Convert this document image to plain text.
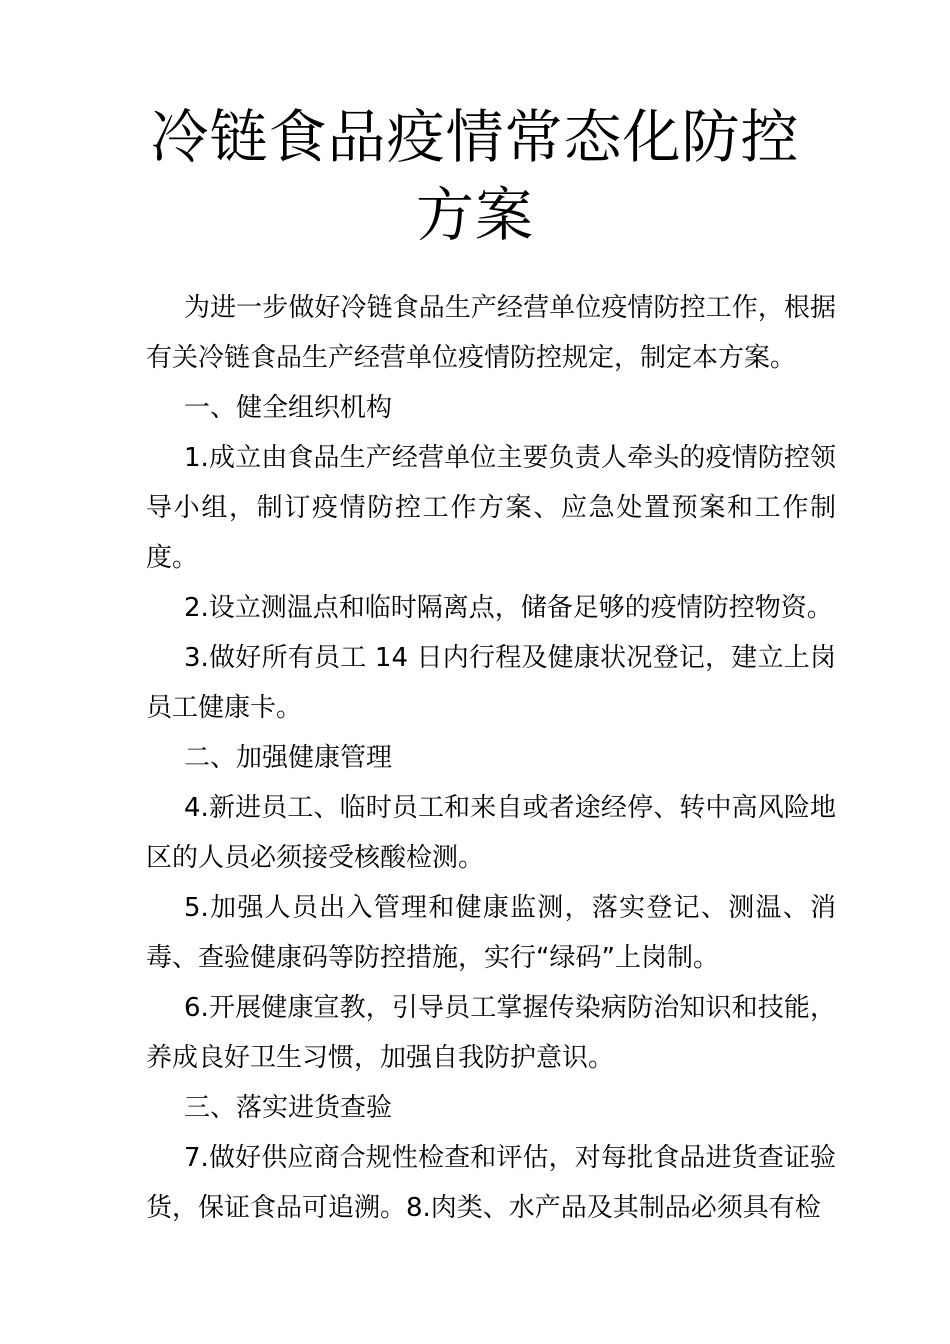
冷链食品疫情常态化防控
方案

为进一步做好冷链食品生产经营单位疫情防控工作，根据有关冷链食品生产经营单位疫情防控规定，制定本方案。

一、健全组织机构

1.成立由食品生产经营单位主要负责人牵头的疫情防控领导小组，制订疫情防控工作方案、应急处置预案和工作制度。

2.设立测温点和临时隔离点，储备足够的疫情防控物资。

3.做好所有员工 14 日内行程及健康状况登记，建立上岗员工健康卡。

二、加强健康管理

4.新进员工、临时员工和来自或者途经停、转中高风险地区的人员必须接受核酸检测。

5.加强人员出入管理和健康监测，落实登记、测温、消毒、查验健康码等防控措施，实行“绿码”上岗制。

6.开展健康宣教，引导员工掌握传染病防治知识和技能，养成良好卫生习惯，加强自我防护意识。

三、落实进货查验

7.做好供应商合规性检查和评估，对每批食品进货查证验货，保证食品可追溯。8.肉类、水产品及其制品必须具有检
